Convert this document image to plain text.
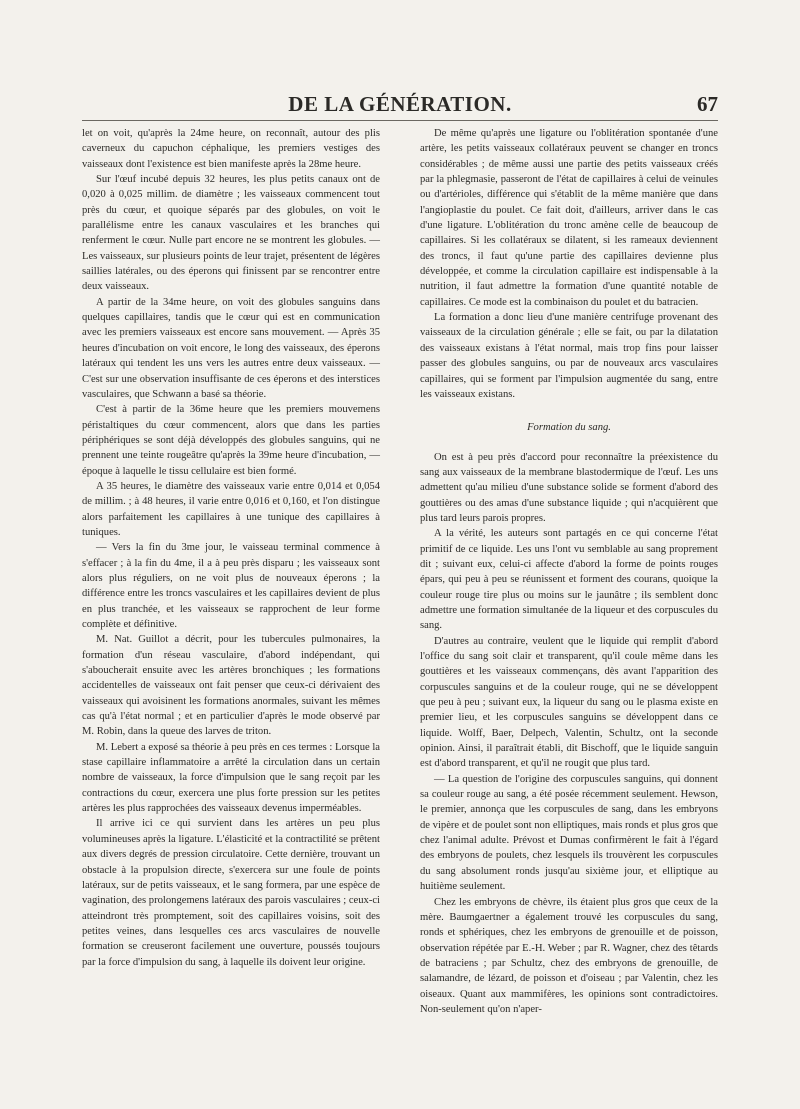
DE LA GÉNÉRATION.	67

let on voit, qu'après la 24me heure, on reconnaît, autour des plis caverneux du capuchon céphalique, les premiers vestiges des vaisseaux dont l'existence est bien manifeste après la 28me heure.

Sur l'œuf incubé depuis 32 heures, les plus petits canaux ont de 0,020 à 0,025 millim. de diamètre ; les vaisseaux commencent tout près du cœur, et quoique séparés par des globules, on voit le parallélisme entre les canaux vasculaires et les branches qui renferment le cœur. Nulle part encore ne se montrent les globules. — Les vaisseaux, sur plusieurs points de leur trajet, présentent de légères saillies latérales, ou des éperons qui finissent par se rencontrer entre deux vaisseaux.

A partir de la 34me heure, on voit des globules sanguins dans quelques capillaires, tandis que le cœur qui est en communication avec les premiers vaisseaux est encore sans mouvement. — Après 35 heures d'incubation on voit encore, le long des vaisseaux, des éperons latéraux qui tendent les uns vers les autres entre deux vaisseaux. — C'est sur une observation insuffisante de ces éperons et des interstices vasculaires, que Schwann a basé sa théorie.

C'est à partir de la 36me heure que les premiers mouvemens péristaltiques du cœur commencent, alors que dans les parties périphériques se sont déjà développés des globules sanguins, qui ne prennent une teinte rougeâtre qu'après la 39me heure d'incubation, — époque à laquelle le tissu cellulaire est bien formé.

A 35 heures, le diamètre des vaisseaux varie entre 0,014 et 0,054 de millim. ; à 48 heures, il varie entre 0,016 et 0,160, et l'on distingue alors parfaitement les capillaires à une tunique des capillaires à tuniques.

— Vers la fin du 3me jour, le vaisseau terminal commence à s'effacer ; à la fin du 4me, il a à peu près disparu ; les vaisseaux sont alors plus réguliers, on ne voit plus de nouveaux éperons ; la différence entre les troncs vasculaires et les capillaires devient de plus en plus tranchée, et les vaisseaux se rapprochent de leur forme complète et définitive.

M. Nat. Guillot a décrit, pour les tubercules pulmonaires, la formation d'un réseau vasculaire, d'abord indépendant, qui s'aboucherait ensuite avec les artères bronchiques ; les formations accidentelles de vaisseaux ont fait penser que ceux-ci dérivaient des vaisseaux qui avoisinent les formations anormales, suivant les mêmes cas qu'à l'état normal ; et en particulier d'après le mode observé par M. Robin, dans la queue des larves de triton.

M. Lebert a exposé sa théorie à peu près en ces termes : Lorsque la stase capillaire inflammatoire a arrêté la circulation dans un certain nombre de vaisseaux, la force d'impulsion que le sang reçoit par les contractions du cœur, exercera une plus forte pression sur les petites artères les plus rapprochées des vaisseaux devenus imperméables.

Il arrive ici ce qui survient dans les artères un peu plus volumineuses après la ligature. L'élasticité et la contractilité se prêtent aux divers degrés de pression circulatoire. Cette dernière, trouvant un obstacle à la propulsion directe, s'exercera sur une foule de points latéraux, sur de petits vaisseaux, et le sang formera, par une espèce de vagination, des prolongemens latéraux des parois vasculaires ; ceux-ci atteindront très promptement, soit des capillaires voisins, soit des petites veines, dans lesquelles ces arcs vasculaires de nouvelle formation se creuseront facilement une ouverture, poussés toujours par la force d'impulsion du sang, à laquelle ils doivent leur origine.

De même qu'après une ligature ou l'oblitération spontanée d'une artère, les petits vaisseaux collatéraux peuvent se changer en troncs considérables ; de même aussi une partie des petits vaisseaux créés par la phlegmasie, passeront de l'état de capillaires à celui de veinules ou d'artérioles, différence qui s'établit de la même manière que dans l'angioplastie du poulet. Ce fait doit, d'ailleurs, arriver dans le cas d'une ligature. L'oblitération du tronc amène celle de beaucoup de capillaires. Si les collatéraux se dilatent, si les rameaux deviennent des troncs, il faut qu'une partie des capillaires devienne plus développée, et comme la circulation capillaire est indispensable à la nutrition, il faut admettre la formation d'une quantité notable de capillaires. Ce mode est la combinaison du poulet et du batracien.

La formation a donc lieu d'une manière centrifuge provenant des vaisseaux de la circulation générale ; elle se fait, ou par la dilatation des vaisseaux existans à l'état normal, mais trop fins pour laisser passer des globules sanguins, ou par de nouveaux arcs vasculaires capillaires, qui se forment par l'impulsion augmentée du sang, entre les vaisseaux existans.

Formation du sang.

On est à peu près d'accord pour reconnaître la préexistence du sang aux vaisseaux de la membrane blastodermique de l'œuf. Les uns admettent qu'au milieu d'une substance solide se forment d'abord des gouttières ou des amas d'une substance liquide ; qui n'acquièrent que plus tard leurs parois propres.

A la vérité, les auteurs sont partagés en ce qui concerne l'état primitif de ce liquide. Les uns l'ont vu semblable au sang proprement dit ; suivant eux, celui-ci affecte d'abord la forme de points rouges épars, qui peu à peu se réunissent et forment des courans, quoique la couleur rouge tire plus ou moins sur le jaunâtre ; ils semblent donc admettre une formation simultanée de la liqueur et des corpuscules du sang.

D'autres au contraire, veulent que le liquide qui remplit d'abord l'office du sang soit clair et transparent, qu'il coule même dans les gouttières et les vaisseaux commençans, dès avant l'apparition des corpuscules sanguins et de la couleur rouge, qui ne se développent que peu à peu ; suivant eux, la liqueur du sang ou le plasma existe en premier lieu, et les corpuscules sanguins se développent dans ce liquide. Wolff, Baer, Delpech, Valentin, Schultz, ont la seconde opinion. Ainsi, il paraîtrait établi, dit Bischoff, que le liquide sanguin est d'abord transparent, et qu'il ne rougit que plus tard.

— La question de l'origine des corpuscules sanguins, qui donnent sa couleur rouge au sang, a été posée récemment seulement. Hewson, le premier, annonça que les corpuscules de sang, dans les embryons de vipère et de poulet sont non elliptiques, mais ronds et plus gros que chez l'animal adulte. Prévost et Dumas confirmèrent le fait à l'égard des embryons de poulets, chez lesquels ils trouvèrent les corpuscules du sang absolument ronds jusqu'au sixième jour, et elliptique au huitième seulement.

Chez les embryons de chèvre, ils étaient plus gros que ceux de la mère. Baumgaertner a également trouvé les corpuscules du sang, ronds et sphériques, chez les embryons de grenouille et de poisson, observation répétée par E.-H. Weber ; par R. Wagner, chez des têtards de batraciens ; par Schultz, chez des embryons de grenouille, de salamandre, de lézard, de poisson et d'oiseau ; par Valentin, chez les oiseaux. Quant aux mammifères, les opinions sont contradictoires. Non-seulement qu'on n'aper-
